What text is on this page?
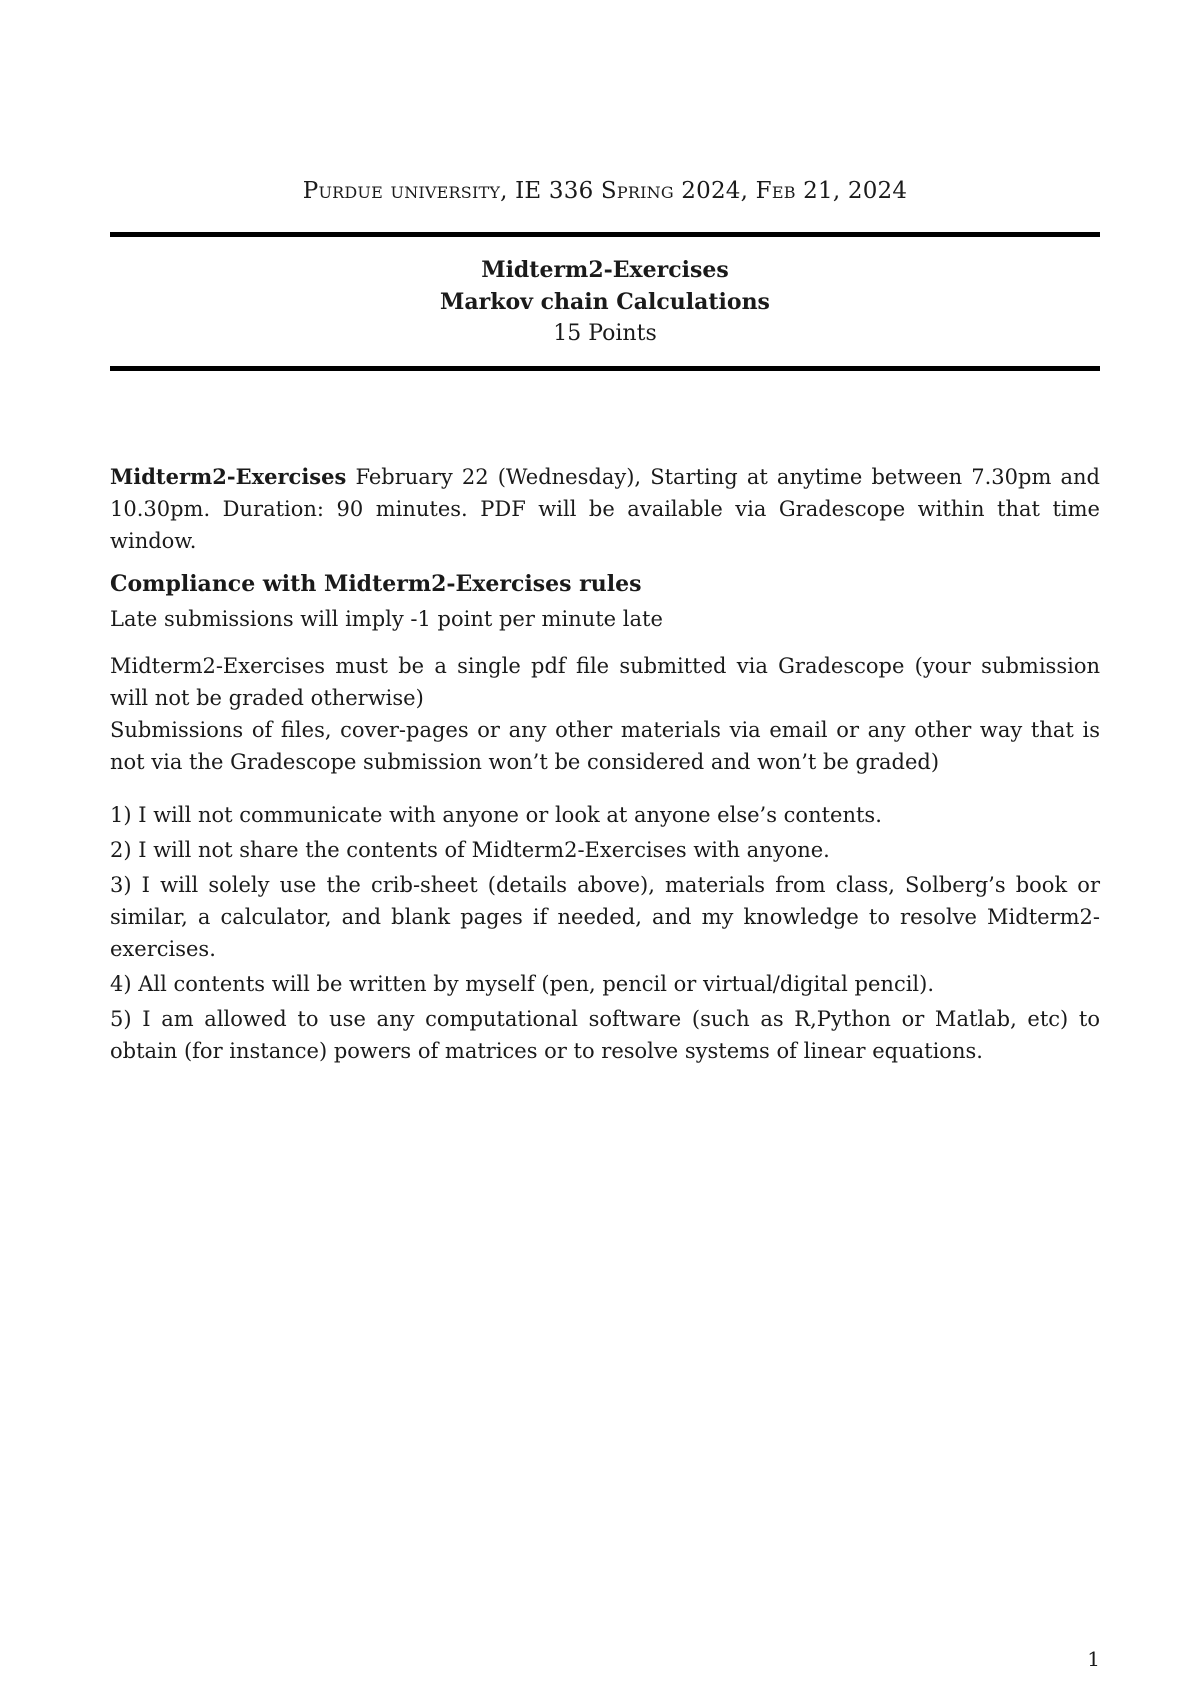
Purdue university, IE 336 Spring 2024, Feb 21, 2024
Midterm2-Exercises
Markov chain Calculations
15 Points
Midterm2-Exercises February 22 (Wednesday), Starting at anytime between 7.30pm and 10.30pm. Duration: 90 minutes. PDF will be available via Gradescope within that time window.
Compliance with Midterm2-Exercises rules
Late submissions will imply -1 point per minute late
Midterm2-Exercises must be a single pdf file submitted via Gradescope (your submission will not be graded otherwise)
Submissions of files, cover-pages or any other materials via email or any other way that is not via the Gradescope submission won’t be considered and won’t be graded)
1) I will not communicate with anyone or look at anyone else’s contents.
2) I will not share the contents of Midterm2-Exercises with anyone.
3) I will solely use the crib-sheet (details above), materials from class, Solberg’s book or similar, a calculator, and blank pages if needed, and my knowledge to resolve Midterm2-exercises.
4) All contents will be written by myself (pen, pencil or virtual/digital pencil).
5) I am allowed to use any computational software (such as R,Python or Matlab, etc) to obtain (for instance) powers of matrices or to resolve systems of linear equations.
1
